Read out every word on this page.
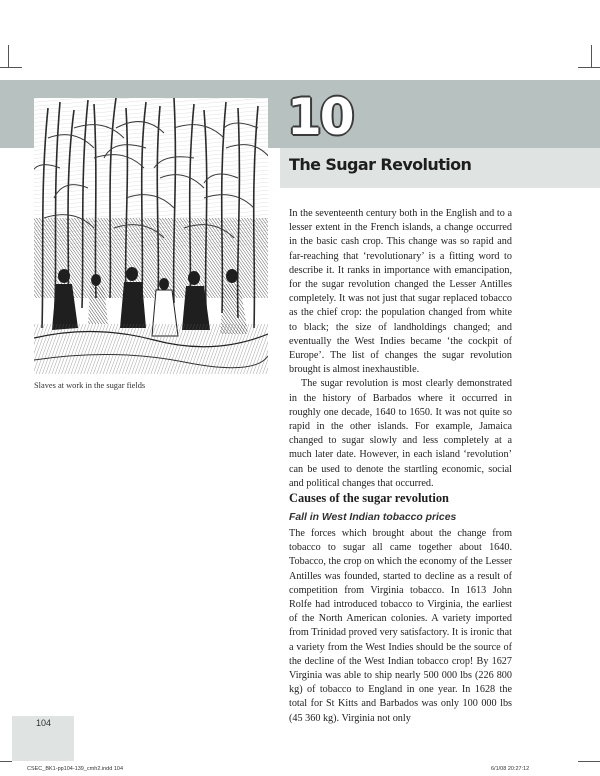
10
The Sugar Revolution
Slaves at work in the sugar fields

In the seventeenth century both in the English and to a lesser extent in the French islands, a change occurred in the basic cash crop. This change was so rapid and far-reaching that ‘revolutionary’ is a fitting word to describe it. It ranks in importance with emancipation, for the sugar revolution changed the Lesser Antilles completely. It was not just that sugar replaced tobacco as the chief crop: the population changed from white to black; the size of landholdings changed; and eventually the West Indies became ‘the cockpit of Europe’. The list of changes the sugar revolution brought is almost inexhaustible.

The sugar revolution is most clearly demonstrated in the history of Barbados where it occurred in roughly one decade, 1640 to 1650. It was not quite so rapid in the other islands. For example, Jamaica changed to sugar slowly and less completely at a much later date. However, in each island ‘revolution’ can be used to denote the startling economic, social and political changes that occurred.

Causes of the sugar revolution
Fall in West Indian tobacco prices

The forces which brought about the change from tobacco to sugar all came together about 1640. Tobacco, the crop on which the economy of the Lesser Antilles was founded, started to decline as a result of competition from Virginia tobacco. In 1613 John Rolfe had introduced tobacco to Virginia, the earliest of the North American colonies. A variety imported from Trinidad proved very satisfactory. It is ironic that a variety from the West Indies should be the source of the decline of the West Indian tobacco crop! By 1627 Virginia was able to ship nearly 500 000 lbs (226 800 kg) of tobacco to England in one year. In 1628 the total for St Kitts and Barbados was only 100 000 lbs (45 360 kg). Virginia not only

104
CSEC_BK1-pp104-139_cmh2.indd 104	6/1/08 20:27:12
